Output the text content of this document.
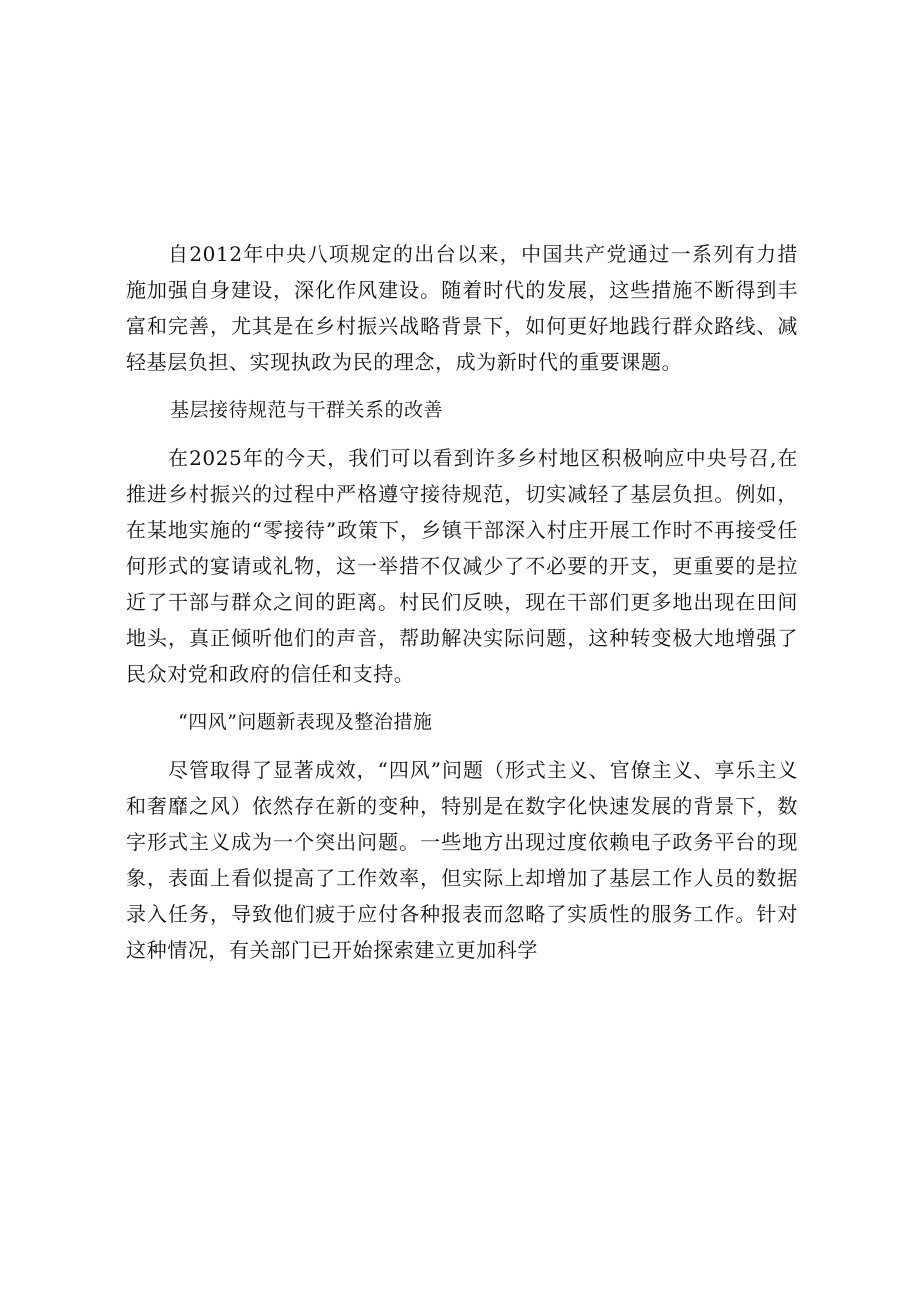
自2012年中央八项规定的出台以来，中国共产党通过一系列有力措施加强自身建设，深化作风建设。随着时代的发展，这些措施不断得到丰富和完善，尤其是在乡村振兴战略背景下，如何更好地践行群众路线、减轻基层负担、实现执政为民的理念，成为新时代的重要课题。

基层接待规范与干群关系的改善

在2025年的今天，我们可以看到许多乡村地区积极响应中央号召,在推进乡村振兴的过程中严格遵守接待规范，切实减轻了基层负担。例如，在某地实施的“零接待”政策下，乡镇干部深入村庄开展工作时不再接受任何形式的宴请或礼物，这一举措不仅减少了不必要的开支，更重要的是拉近了干部与群众之间的距离。村民们反映，现在干部们更多地出现在田间地头，真正倾听他们的声音，帮助解决实际问题，这种转变极大地增强了民众对党和政府的信任和支持。

“四风”问题新表现及整治措施

尽管取得了显著成效，“四风”问题（形式主义、官僚主义、享乐主义和奢靡之风）依然存在新的变种，特别是在数字化快速发展的背景下，数字形式主义成为一个突出问题。一些地方出现过度依赖电子政务平台的现象，表面上看似提高了工作效率，但实际上却增加了基层工作人员的数据录入任务，导致他们疲于应付各种报表而忽略了实质性的服务工作。针对这种情况，有关部门已开始探索建立更加科学
